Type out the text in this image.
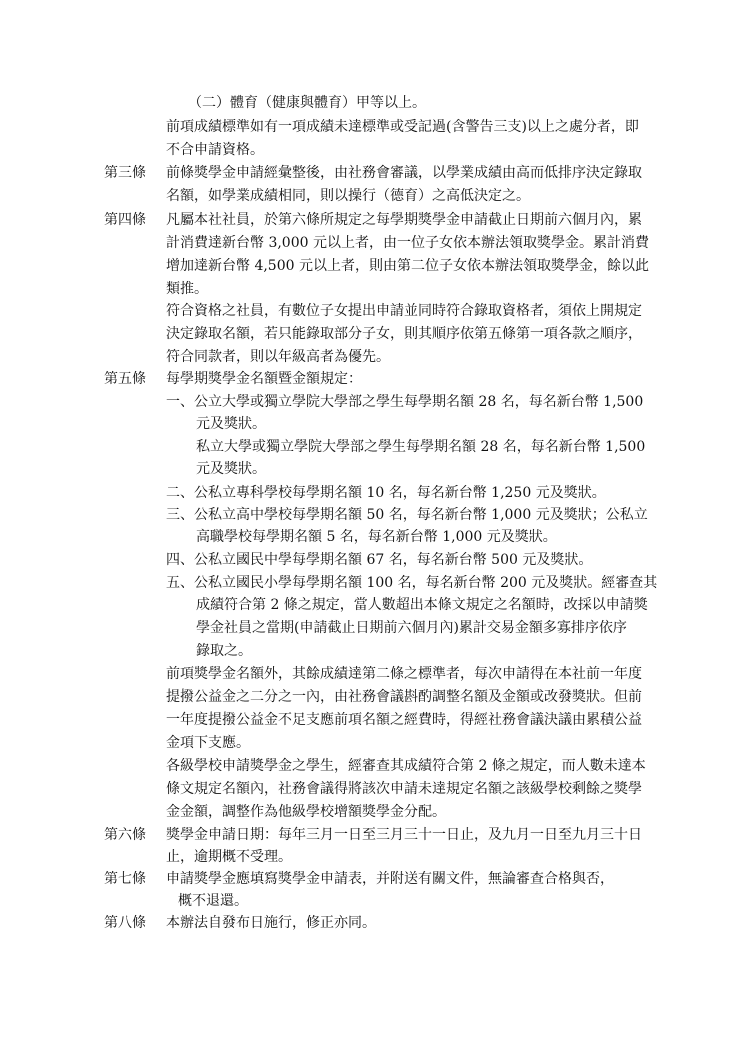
第三條
第四條
第五條
第六條
第七條
第八條
（二）體育（健康與體育）甲等以上。
前項成績標準如有一項成績未達標準或受記過(含警告三支)以上之處分者，即
不合申請資格。
前條獎學金申請經彙整後，由社務會審議，以學業成績由高而低排序決定錄取
名額，如學業成績相同，則以操行（德育）之高低決定之。
凡屬本社社員，於第六條所規定之每學期獎學金申請截止日期前六個月內，累
計消費達新台幣 3,000 元以上者，由一位子女依本辦法領取獎學金。累計消費
增加達新台幣 4,500 元以上者，則由第二位子女依本辦法領取獎學金，餘以此
類推。
符合資格之社員，有數位子女提出申請並同時符合錄取資格者，須依上開規定
決定錄取名額，若只能錄取部分子女，則其順序依第五條第一項各款之順序，
符合同款者，則以年級高者為優先。
每學期獎學金名額暨金額規定：
一、公立大學或獨立學院大學部之學生每學期名額 28 名，每名新台幣 1,500
元及獎狀。
私立大學或獨立學院大學部之學生每學期名額 28 名，每名新台幣 1,500
元及獎狀。
二、公私立專科學校每學期名額 10 名，每名新台幣 1,250 元及獎狀。
三、公私立高中學校每學期名額 50 名，每名新台幣 1,000 元及獎狀；公私立
高職學校每學期名額 5 名，每名新台幣 1,000 元及獎狀。
四、公私立國民中學每學期名額 67 名，每名新台幣 500 元及獎狀。
五、公私立國民小學每學期名額 100 名，每名新台幣 200 元及獎狀。經審查其
成績符合第 2 條之規定，當人數超出本條文規定之名額時，改採以申請獎
學金社員之當期(申請截止日期前六個月內)累計交易金額多寡排序依序
錄取之。
前項獎學金名額外，其餘成績達第二條之標準者，每次申請得在本社前一年度
提撥公益金之二分之一內，由社務會議斟酌調整名額及金額或改發獎狀。但前
一年度提撥公益金不足支應前項名額之經費時，得經社務會議決議由累積公益
金項下支應。
各級學校申請獎學金之學生，經審查其成績符合第 2 條之規定，而人數未達本
條文規定名額內，社務會議得將該次申請未達規定名額之該級學校剩餘之獎學
金金額，調整作為他級學校增額獎學金分配。
獎學金申請日期：每年三月一日至三月三十一日止，及九月一日至九月三十日
止，逾期概不受理。
申請獎學金應填寫獎學金申請表，并附送有關文件，無論審查合格與否，
概不退還。
本辦法自發布日施行，修正亦同。
